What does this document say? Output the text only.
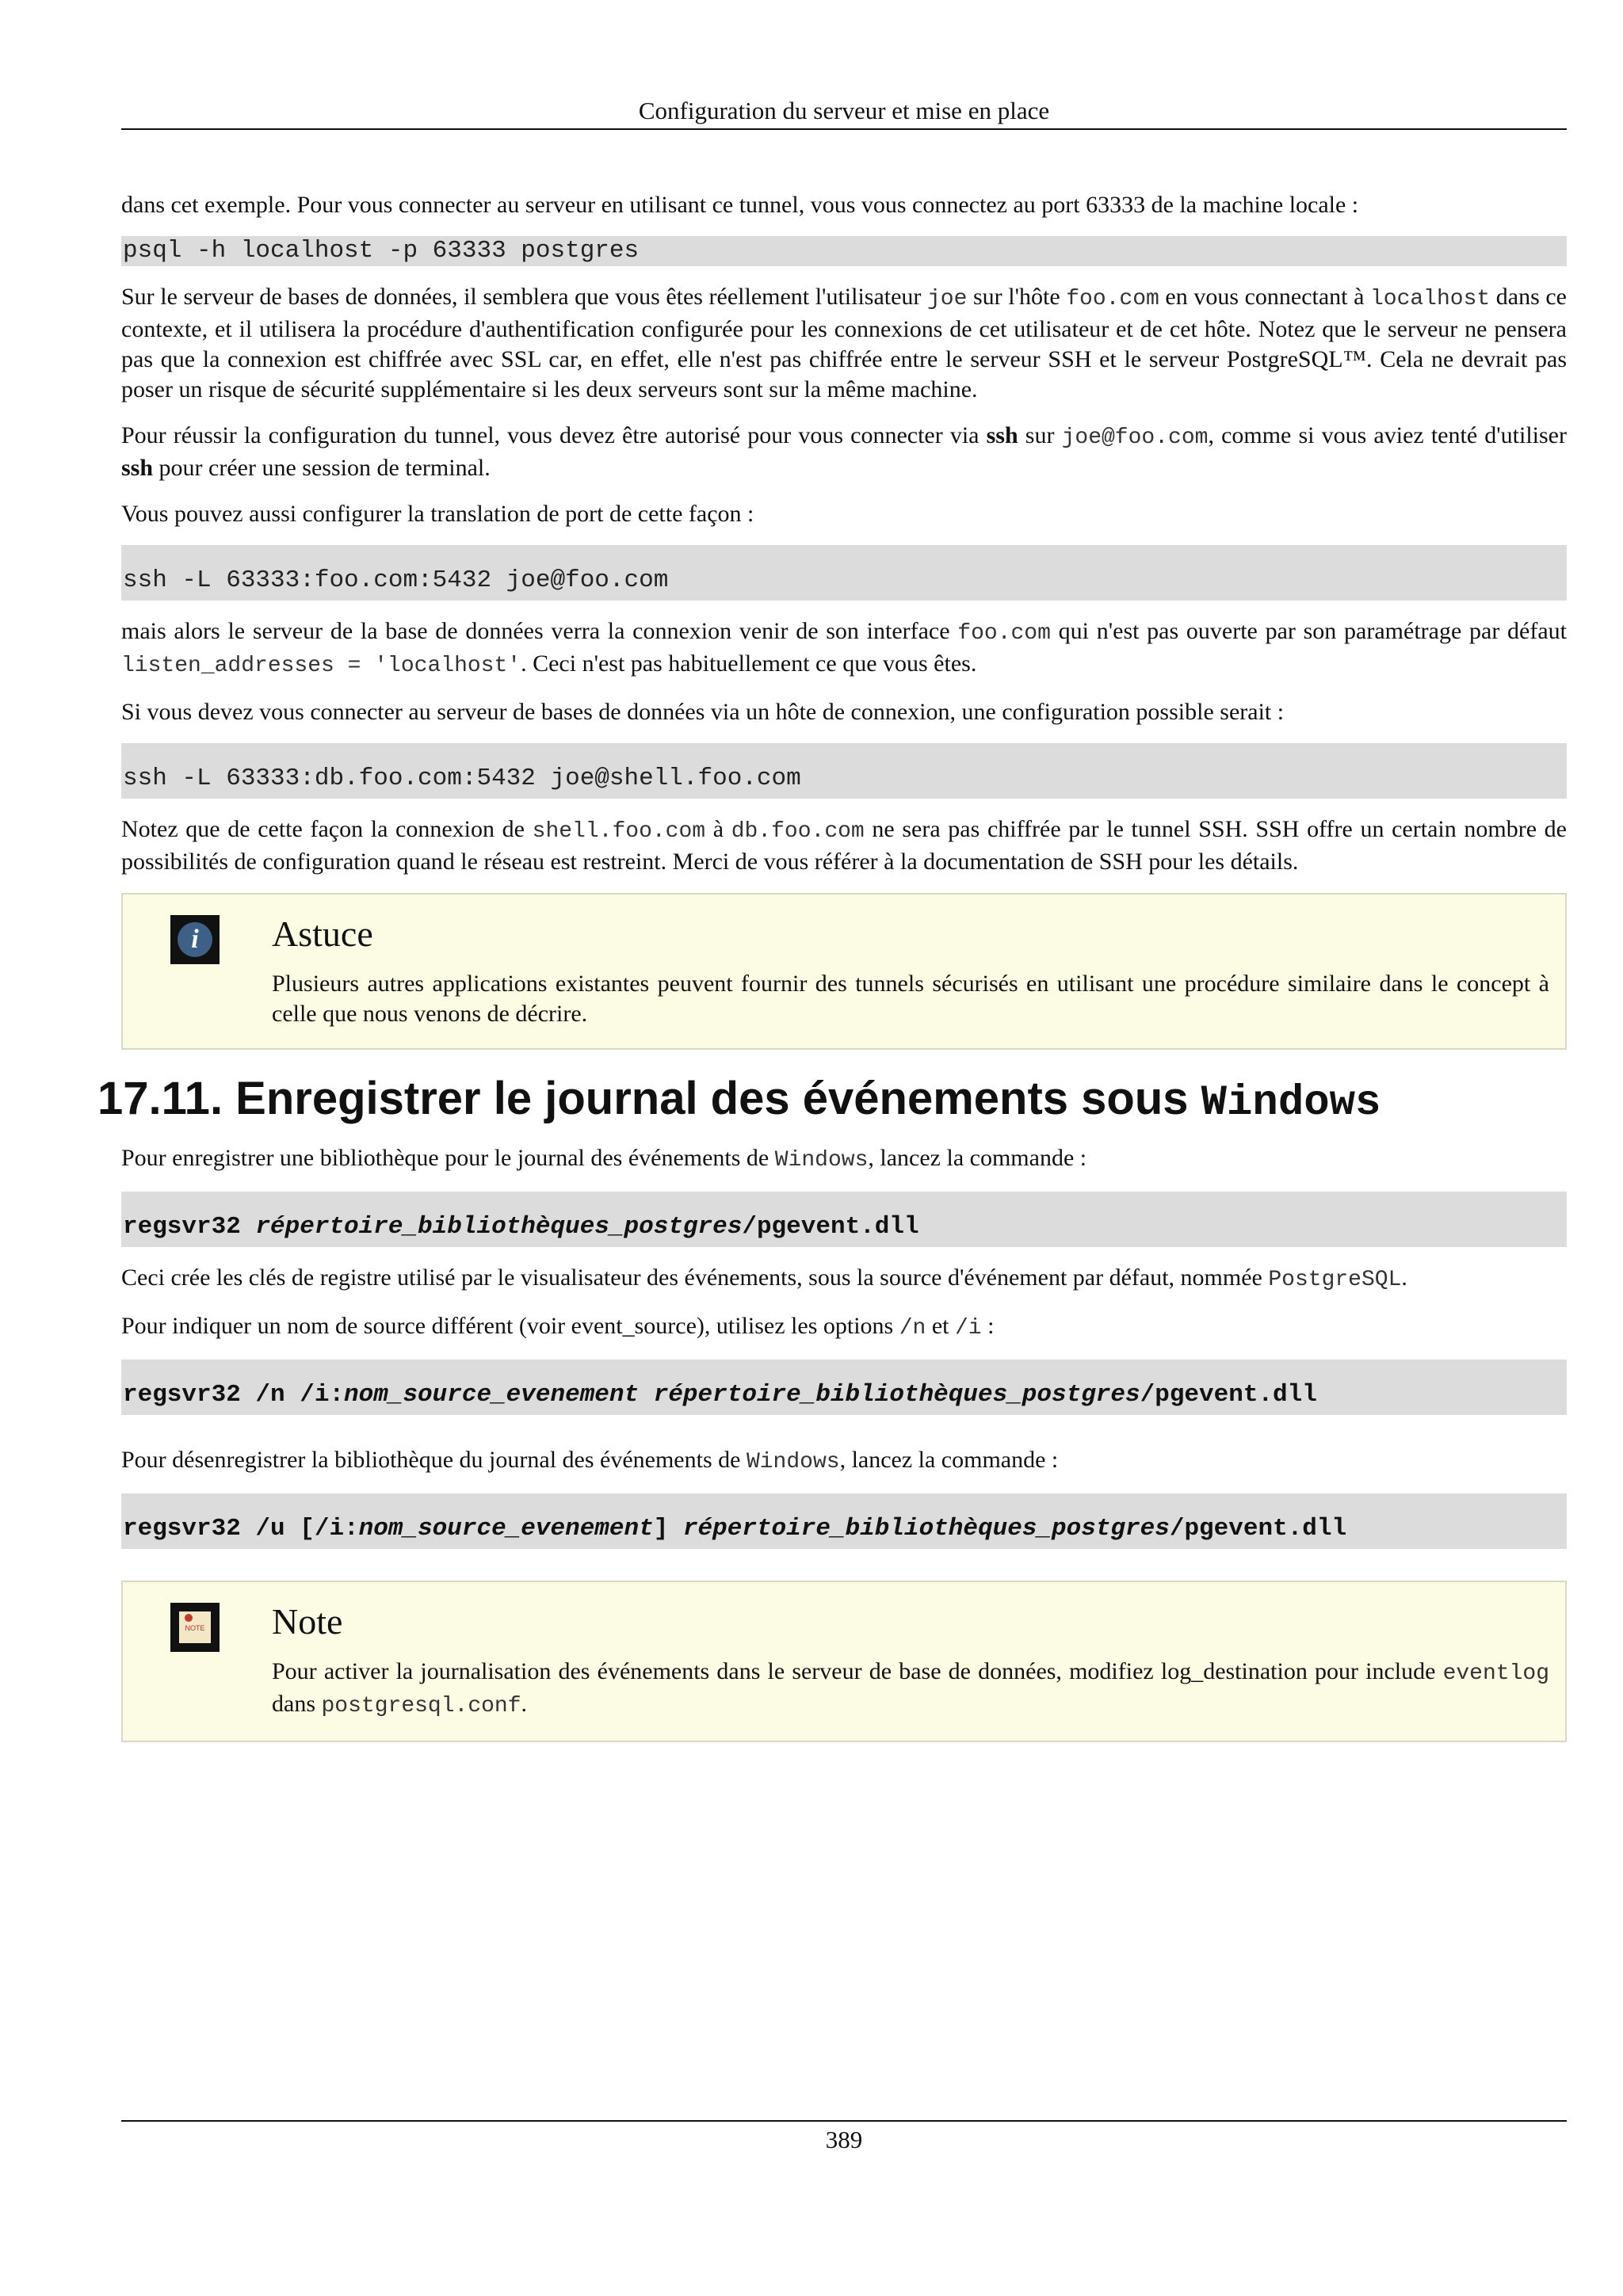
Configuration du serveur et mise en place

dans cet exemple. Pour vous connecter au serveur en utilisant ce tunnel, vous vous connectez au port 63333 de la machine locale :

psql -h localhost -p 63333 postgres

Sur le serveur de bases de données, il semblera que vous êtes réellement l'utilisateur joe sur l'hôte foo.com en vous connectant à localhost dans ce contexte, et il utilisera la procédure d'authentification configurée pour les connexions de cet utilisateur et de cet hôte. Notez que le serveur ne pensera pas que la connexion est chiffrée avec SSL car, en effet, elle n'est pas chiffrée entre le serveur SSH et le serveur PostgreSQL™. Cela ne devrait pas poser un risque de sécurité supplémentaire si les deux serveurs sont sur la même machine.

Pour réussir la configuration du tunnel, vous devez être autorisé pour vous connecter via ssh sur joe@foo.com, comme si vous aviez tenté d'utiliser ssh pour créer une session de terminal.

Vous pouvez aussi configurer la translation de port de cette façon :

ssh -L 63333:foo.com:5432 joe@foo.com

mais alors le serveur de la base de données verra la connexion venir de son interface foo.com qui n'est pas ouverte par son paramétrage par défaut listen_addresses = 'localhost'. Ceci n'est pas habituellement ce que vous êtes.

Si vous devez vous connecter au serveur de bases de données via un hôte de connexion, une configuration possible serait :

ssh -L 63333:db.foo.com:5432 joe@shell.foo.com

Notez que de cette façon la connexion de shell.foo.com à db.foo.com ne sera pas chiffrée par le tunnel SSH. SSH offre un certain nombre de possibilités de configuration quand le réseau est restreint. Merci de vous référer à la documentation de SSH pour les détails.

i	Astuce

Plusieurs autres applications existantes peuvent fournir des tunnels sécurisés en utilisant une procédure similaire dans le concept à celle que nous venons de décrire.

17.11. Enregistrer le journal des événements sous Windows

Pour enregistrer une bibliothèque pour le journal des événements de Windows, lancez la commande :

regsvr32 répertoire_bibliothèques_postgres/pgevent.dll

Ceci crée les clés de registre utilisé par le visualisateur des événements, sous la source d'événement par défaut, nommée PostgreSQL.

Pour indiquer un nom de source différent (voir event_source), utilisez les options /n et /i :

regsvr32 /n /i:nom_source_evenement répertoire_bibliothèques_postgres/pgevent.dll

Pour désenregistrer la bibliothèque du journal des événements de Windows, lancez la commande :

regsvr32 /u [/i:nom_source_evenement] répertoire_bibliothèques_postgres/pgevent.dll
NOTE Note

Pour activer la journalisation des événements dans le serveur de base de données, modifiez log_destination pour include eventlog dans postgresql.conf.

389
